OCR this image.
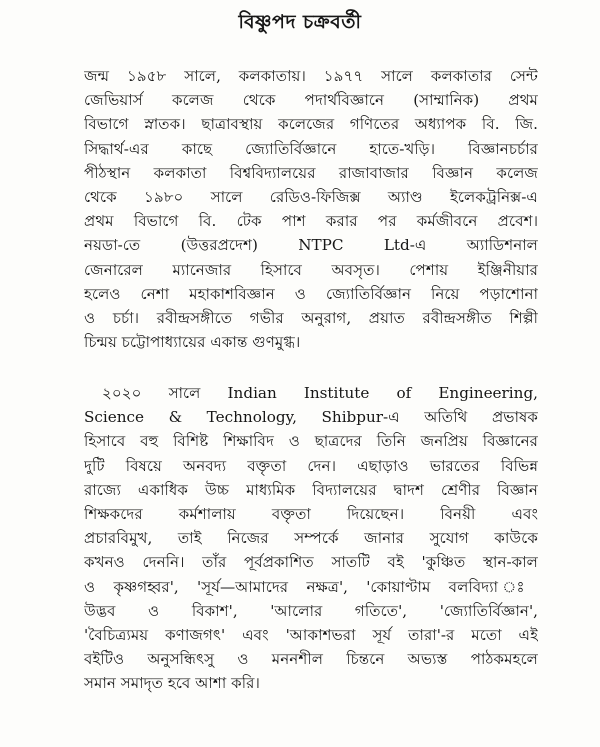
বিষ্ণুপদ চক্রবর্তী
জন্ম ১৯৫৮ সালে, কলকাতায়। ১৯৭৭ সালে কলকাতার সেন্ট
জেভিয়ার্স কলেজ থেকে পদার্থবিজ্ঞানে (সাম্মানিক) প্রথম
বিভাগে স্নাতক। ছাত্রাবস্থায় কলেজের গণিতের অধ্যাপক বি. জি.
সিদ্ধার্থ-এর কাছে জ্যোতির্বিজ্ঞানে হাতে-খড়ি। বিজ্ঞানচর্চার
পীঠস্থান কলকাতা বিশ্ববিদ্যালয়ের রাজাবাজার বিজ্ঞান কলেজ
থেকে ১৯৮০ সালে রেডিও-ফিজিক্স অ্যাণ্ড ইলেকট্রনিক্স-এ
প্রথম বিভাগে বি. টেক পাশ করার পর কর্মজীবনে প্রবেশ।
নয়ডা-তে (উত্তরপ্রদেশ) NTPC Ltd-এ অ্যাডিশনাল
জেনারেল ম্যানেজার হিসাবে অবসৃত। পেশায় ইঞ্জিনীয়ার
হলেও নেশা মহাকাশবিজ্ঞান ও জ্যোতির্বিজ্ঞান নিয়ে পড়াশোনা
ও চর্চা। রবীন্দ্রসঙ্গীতে গভীর অনুরাগ, প্রয়াত রবীন্দ্রসঙ্গীত শিল্পী
চিন্ময় চট্টোপাধ্যায়ের একান্ত গুণমুগ্ধ।
২০২০ সালে Indian Institute of Engineering,
Science & Technology, Shibpur-এ অতিথি প্রভাষক
হিসাবে বহু বিশিষ্ট শিক্ষাবিদ ও ছাত্রদের তিনি জনপ্রিয় বিজ্ঞানের
দুটি বিষয়ে অনবদ্য বক্তৃতা দেন। এছাড়াও ভারতের বিভিন্ন
রাজ্যে একাধিক উচ্চ মাধ্যমিক বিদ্যালয়ের দ্বাদশ শ্রেণীর বিজ্ঞান
শিক্ষকদের কর্মশালায় বক্তৃতা দিয়েছেন। বিনয়ী এবং
প্রচারবিমুখ, তাই নিজের সম্পর্কে জানার সুযোগ কাউকে
কখনও দেননি। তাঁর পূর্বপ্রকাশিত সাতটি বই 'কুঞ্চিত স্থান-কাল
ও কৃষ্ণগহ্বর', 'সূর্য—আমাদের নক্ষত্র', 'কোয়াণ্টাম বলবিদ্যা ঃ
উদ্ভব ও বিকাশ', 'আলোর গতিতে', 'জ্যোতির্বিজ্ঞান',
'বৈচিত্র্যময় কণাজগৎ' এবং 'আকাশভরা সূর্য তারা'-র মতো এই
বইটিও অনুসন্ধিৎসু ও মননশীল চিন্তনে অভ্যস্ত পাঠকমহলে
সমান সমাদৃত হবে আশা করি।
